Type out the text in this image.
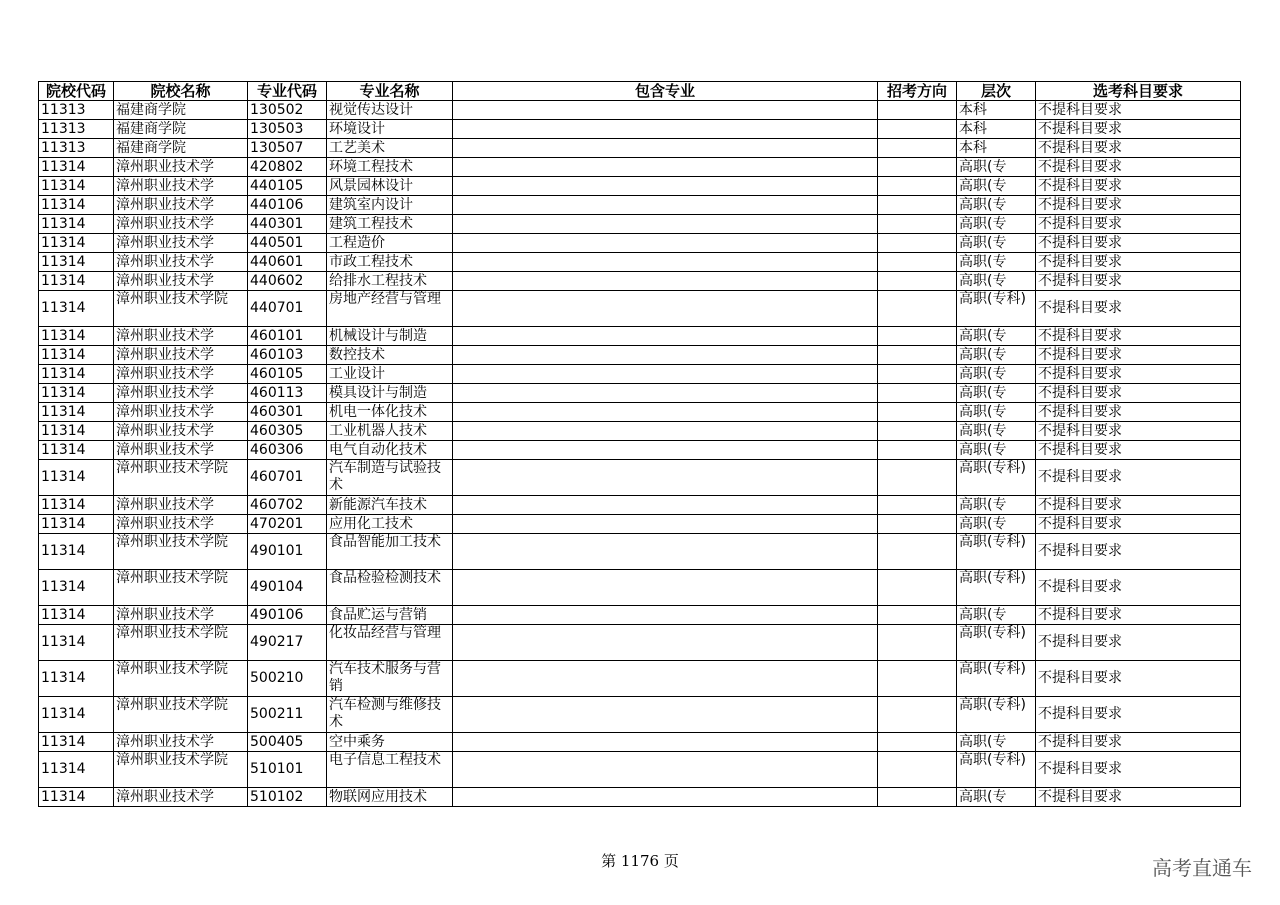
院校代码	院校名称	专业代码	专业名称	包含专业	招考方向	层次	选考科目要求
11313	福建商学院	130502	视觉传达设计			本科	不提科目要求
11313	福建商学院	130503	环境设计			本科	不提科目要求
11313	福建商学院	130507	工艺美术			本科	不提科目要求
11314	漳州职业技术学	420802	环境工程技术			高职(专	不提科目要求
11314	漳州职业技术学	440105	风景园林设计			高职(专	不提科目要求
11314	漳州职业技术学	440106	建筑室内设计			高职(专	不提科目要求
11314	漳州职业技术学	440301	建筑工程技术			高职(专	不提科目要求
11314	漳州职业技术学	440501	工程造价			高职(专	不提科目要求
11314	漳州职业技术学	440601	市政工程技术			高职(专	不提科目要求
11314	漳州职业技术学	440602	给排水工程技术			高职(专	不提科目要求
11314	漳州职业技术学院	440701	房地产经营与管理			高职(专科)	不提科目要求
11314	漳州职业技术学	460101	机械设计与制造			高职(专	不提科目要求
11314	漳州职业技术学	460103	数控技术			高职(专	不提科目要求
11314	漳州职业技术学	460105	工业设计			高职(专	不提科目要求
11314	漳州职业技术学	460113	模具设计与制造			高职(专	不提科目要求
11314	漳州职业技术学	460301	机电一体化技术			高职(专	不提科目要求
11314	漳州职业技术学	460305	工业机器人技术			高职(专	不提科目要求
11314	漳州职业技术学	460306	电气自动化技术			高职(专	不提科目要求
11314	漳州职业技术学院	460701	汽车制造与试验技术			高职(专科)	不提科目要求
11314	漳州职业技术学	460702	新能源汽车技术			高职(专	不提科目要求
11314	漳州职业技术学	470201	应用化工技术			高职(专	不提科目要求
11314	漳州职业技术学院	490101	食品智能加工技术			高职(专科)	不提科目要求
11314	漳州职业技术学院	490104	食品检验检测技术			高职(专科)	不提科目要求
11314	漳州职业技术学	490106	食品贮运与营销			高职(专	不提科目要求
11314	漳州职业技术学院	490217	化妆品经营与管理			高职(专科)	不提科目要求
11314	漳州职业技术学院	500210	汽车技术服务与营销			高职(专科)	不提科目要求
11314	漳州职业技术学院	500211	汽车检测与维修技术			高职(专科)	不提科目要求
11314	漳州职业技术学	500405	空中乘务			高职(专	不提科目要求
11314	漳州职业技术学院	510101	电子信息工程技术			高职(专科)	不提科目要求
11314	漳州职业技术学	510102	物联网应用技术			高职(专	不提科目要求
第 1176 页	高考直通车
